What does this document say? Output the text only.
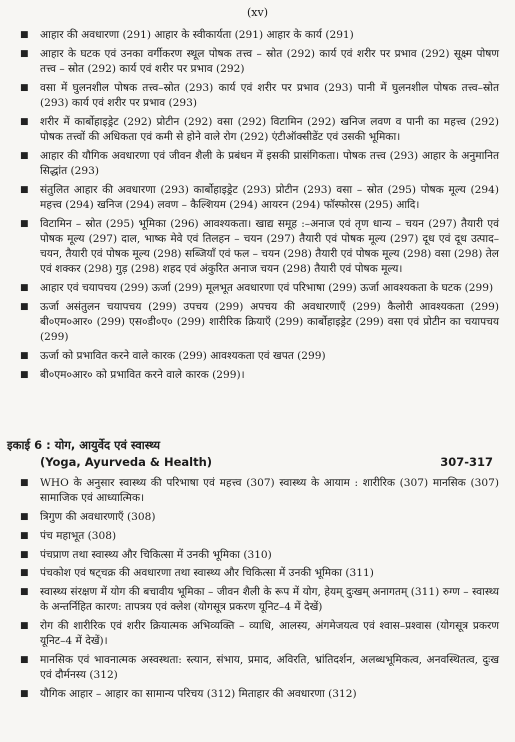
(xv)
■ आहार की अवधारणा (291) आहार के स्वीकार्यता (291) आहार के कार्य (291)
■ आहार के घटक एवं उनका वर्गीकरण स्थूल पोषक तत्त्व – स्रोत (292) कार्य एवं शरीर पर प्रभाव (292) सूक्ष्म पोषण तत्त्व – स्रोत (292) कार्य एवं शरीर पर प्रभाव (292)
■ वसा में घुलनशील पोषक तत्त्व–स्रोत (293) कार्य एवं शरीर पर प्रभाव (293) पानी में घुलनशील पोषक तत्त्व–स्रोत (293) कार्य एवं शरीर पर प्रभाव (293)
■ शरीर में कार्बोहाइड्रेट (292) प्रोटीन (292) वसा (292) विटामिन (292) खनिज लवण व पानी का महत्त्व (292) पोषक तत्त्वों की अधिकता एवं कमी से होने वाले रोग (292) एंटीऑक्सीडेंट एवं उसकी भूमिका।
■ आहार की यौगिक अवधारणा एवं जीवन शैली के प्रबंधन में इसकी प्रासंगिकता। पोषक तत्त्व (293) आहार के अनुमानित सिद्धांत (293)
■ संतुलित आहार की अवधारणा (293) कार्बोहाइड्रेट (293) प्रोटीन (293) वसा – स्रोत (295) पोषक मूल्य (294) महत्त्व (294) खनिज (294) लवण – कैल्शियम (294) आयरन (294) फॉस्फोरस (295) आदि।
■ विटामिन – स्रोत (295) भूमिका (296) आवश्यकता। खाद्य समूह :–अनाज एवं तृण धान्य – चयन (297) तैयारी एवं पोषक मूल्य (297) दाल, भाष्क मेवे एवं तिलहन – चयन (297) तैयारी एवं पोषक मूल्य (297) दूध एवं दूध उत्पाद–चयन, तैयारी एवं पोषक मूल्य (298) सब्जियाँ एवं फल – चयन (298) तैयारी एवं पोषक मूल्य (298) वसा (298) तेल एवं शक्कर (298) गुड़ (298) शहद एवं अंकुरित अनाज चयन (298) तैयारी एवं पोषक मूल्य।
■ आहार एवं चयापचय (299) ऊर्जा (299) मूलभूत अवधारणा एवं परिभाषा (299) ऊर्जा आवश्यकता के घटक (299)
■ ऊर्जा असंतुलन चयापचय (299) उपचय (299) अपचय की अवधारणाएँ (299) कैलोरी आवश्यकता (299) बी०एम०आर० (299) एस०डी०ए० (299) शारीरिक क्रियाएँ (299) कार्बोहाइड्रेट (299) वसा एवं प्रोटीन का चयापचय (299)
■ ऊर्जा को प्रभावित करने वाले कारक (299) आवश्यकता एवं खपत (299)
■ बी०एम०आर० को प्रभावित करने वाले कारक (299)।
इकाई 6 : योग, आयुर्वेद एवं स्वास्थ्य
(Yoga, Ayurveda & Health)	307-317
■ WHO के अनुसार स्वास्थ्य की परिभाषा एवं महत्त्व (307) स्वास्थ्य के आयाम : शारीरिक (307) मानसिक (307) सामाजिक एवं आध्यात्मिक।
■ त्रिगुण की अवधारणाएँ (308)
■ पंच महाभूत (308)
■ पंचप्राण तथा स्वास्थ्य और चिकित्सा में उनकी भूमिका (310)
■ पंचकोश एवं षट्चक्र की अवधारणा तथा स्वास्थ्य और चिकित्सा में उनकी भूमिका (311)
■ स्वास्थ्य संरक्षण में योग की बचावीय भूमिका – जीवन शैली के रूप में योग, हेयम् दुःखम् अनागतम् (311) रुग्ण – स्वास्थ्य के अन्तर्निहित कारण: तापत्रय एवं क्लेश (योगसूत्र प्रकरण यूनिट–4 में देखें)
■ रोग की शारीरिक एवं शरीर क्रियात्मक अभिव्यक्ति – व्याधि, आलस्य, अंगमेजयत्व एवं श्वास–प्रश्वास (योगसूत्र प्रकरण यूनिट–4 में देखें)।
■ मानसिक एवं भावनात्मक अस्वस्थता: स्त्यान, संभाय, प्रमाद, अविरति, भ्रांतिदर्शन, अलब्धभूमिकत्व, अनवस्थितत्व, दुःख एवं दौर्मनस्य (312)
■ यौगिक आहार – आहार का सामान्य परिचय (312) मिताहार की अवधारणा (312)
